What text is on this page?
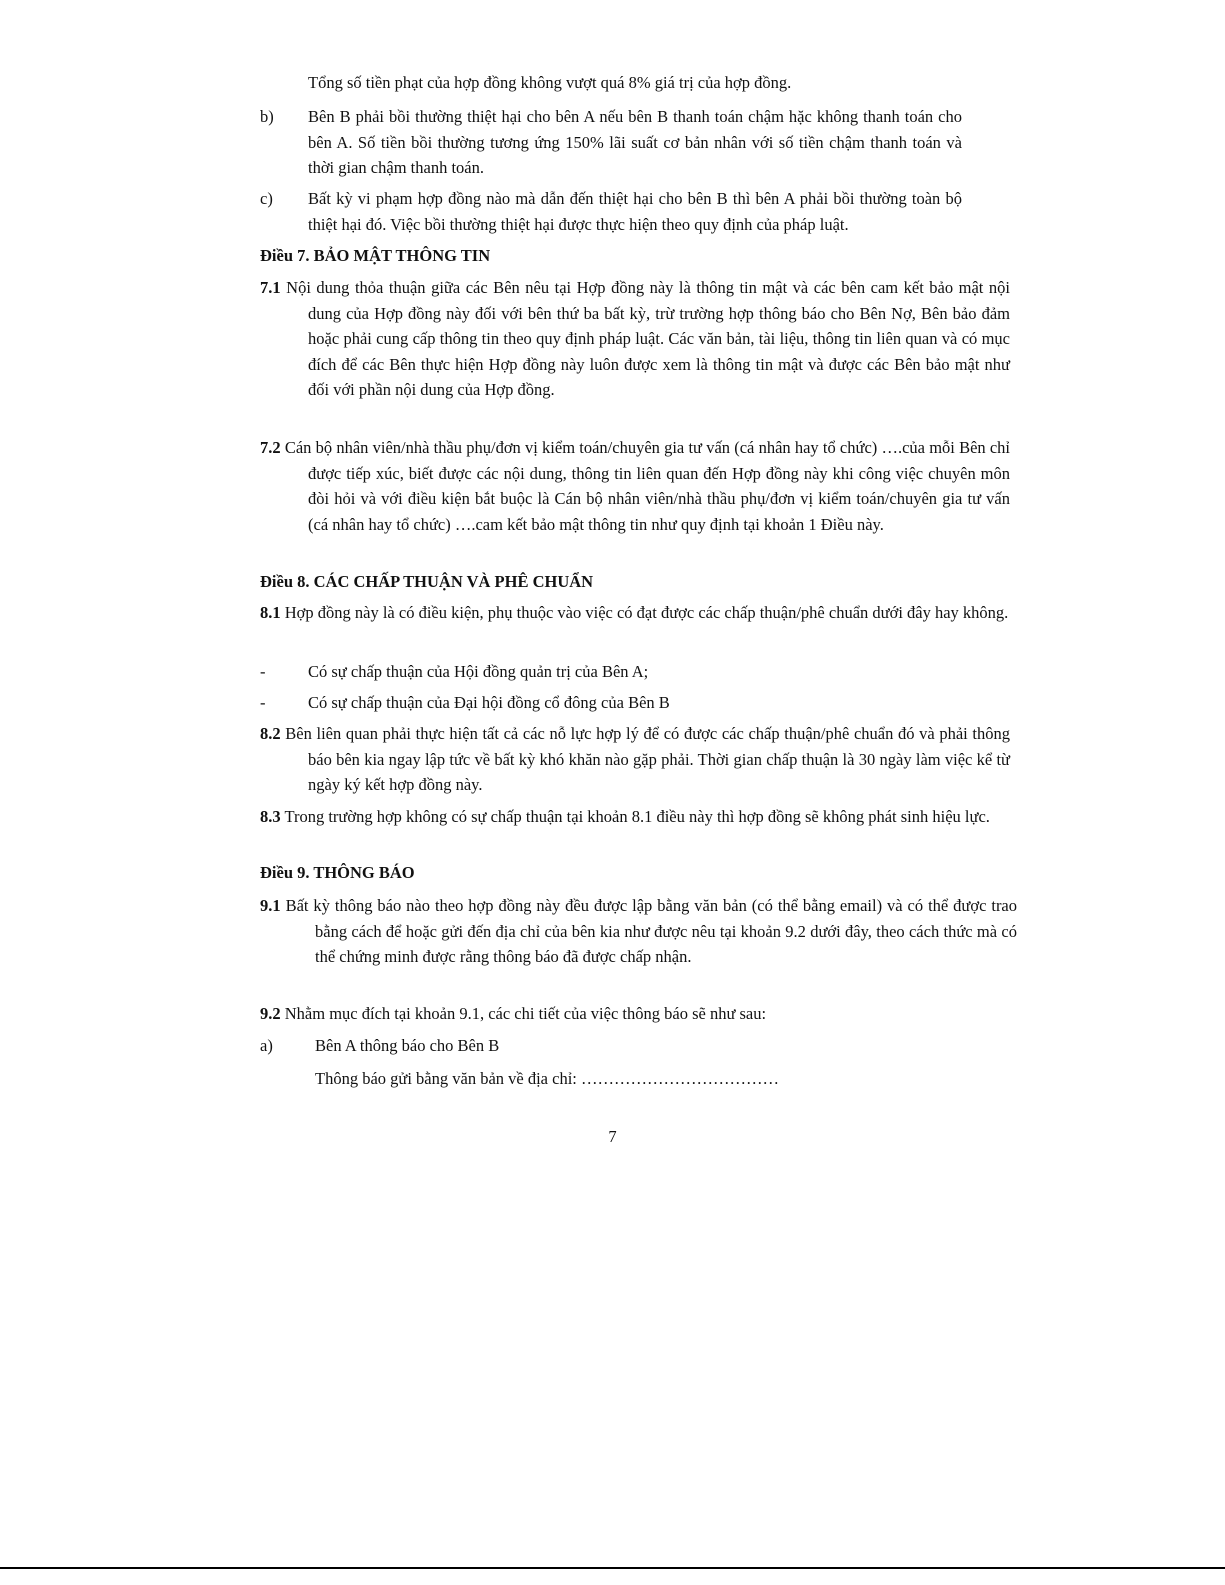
Tổng số tiền phạt của hợp đồng không vượt quá 8% giá trị của hợp đồng.

b) Bên B phải bồi thường thiệt hại cho bên A nếu bên B thanh toán chậm hặc không thanh toán cho bên A. Số tiền bồi thường tương ứng 150% lãi suất cơ bản nhân với số tiền chậm thanh toán và thời gian chậm thanh toán.

c) Bất kỳ vi phạm hợp đồng nào mà dẫn đến thiệt hại cho bên B thì bên A phải bồi thường toàn bộ thiệt hại đó. Việc bồi thường thiệt hại được thực hiện theo quy định của pháp luật.

Điều 7. BẢO MẬT THÔNG TIN

7.1 Nội dung thỏa thuận giữa các Bên nêu tại Hợp đồng này là thông tin mật và các bên cam kết bảo mật nội dung của Hợp đồng này đối với bên thứ ba bất kỳ, trừ trường hợp thông báo cho Bên Nợ, Bên bảo đảm hoặc phải cung cấp thông tin theo quy định pháp luật. Các văn bản, tài liệu, thông tin liên quan và có mục đích để các Bên thực hiện Hợp đồng này luôn được xem là thông tin mật và được các Bên bảo mật như đối với phần nội dung của Hợp đồng.

7.2 Cán bộ nhân viên/nhà thầu phụ/đơn vị kiểm toán/chuyên gia tư vấn (cá nhân hay tổ chức) ….của mỗi Bên chỉ được tiếp xúc, biết được các nội dung, thông tin liên quan đến Hợp đồng này khi công việc chuyên môn đòi hỏi và với điều kiện bắt buộc là Cán bộ nhân viên/nhà thầu phụ/đơn vị kiểm toán/chuyên gia tư vấn (cá nhân hay tổ chức) ….cam kết bảo mật thông tin như quy định tại khoản 1 Điều này.

Điều 8. CÁC CHẤP THUẬN VÀ PHÊ CHUẨN

8.1 Hợp đồng này là có điều kiện, phụ thuộc vào việc có đạt được các chấp thuận/phê chuẩn dưới đây hay không.

-	Có sự chấp thuận của Hội đồng quản trị của Bên A;

-	Có sự chấp thuận của Đại hội đồng cổ đông của Bên B

8.2 Bên liên quan phải thực hiện tất cả các nỗ lực hợp lý để có được các chấp thuận/phê chuẩn đó và phải thông báo bên kia ngay lập tức về bất kỳ khó khăn nào gặp phải. Thời gian chấp thuận là 30 ngày làm việc kể từ ngày ký kết hợp đồng này.

8.3 Trong trường hợp không có sự chấp thuận tại khoản 8.1 điều này thì hợp đồng sẽ không phát sinh hiệu lực.

Điều 9. THÔNG BÁO

9.1 Bất kỳ thông báo nào theo hợp đồng này đều được lập bằng văn bản (có thể bằng email) và có thể được trao bằng cách để hoặc gửi đến địa chỉ của bên kia như được nêu tại khoản 9.2 dưới đây, theo cách thức mà có thể chứng minh được rằng thông báo đã được chấp nhận.

9.2 Nhằm mục đích tại khoản 9.1, các chi tiết của việc thông báo sẽ như sau:

a)	Bên A thông báo cho Bên B

Thông báo gửi bằng văn bản về địa chỉ: ………………………………

7
